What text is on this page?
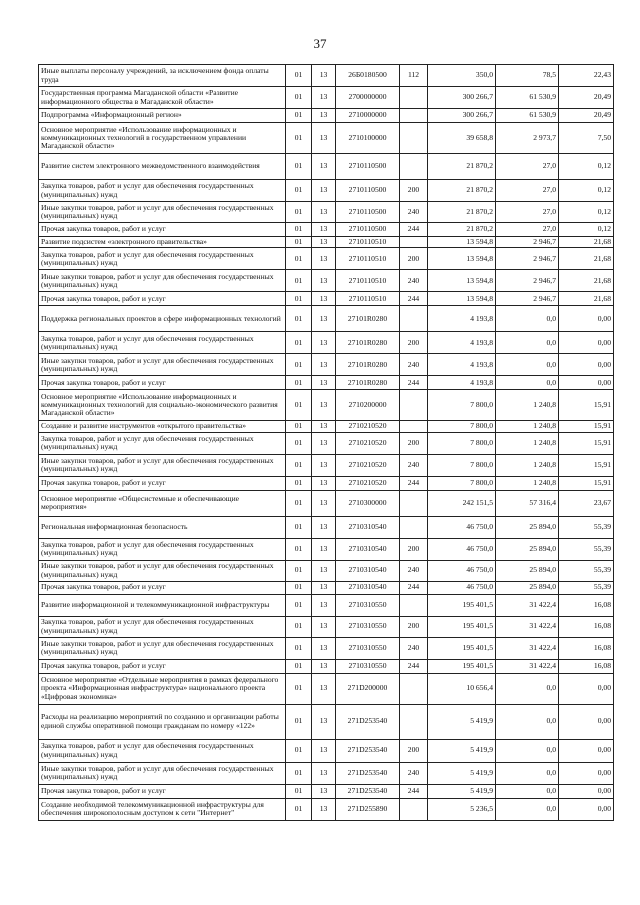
37
Иные выплаты персоналу учреждений, за исключением фонда оплаты труда	01	13	26Б0180500	112	350,0	78,5	22,43
Государственная программа Магаданской области «Развитие информационного общества в Магаданской области»	01	13	2700000000		300 266,7	61 530,9	20,49
Подпрограмма «Информационный регион»	01	13	2710000000		300 266,7	61 530,9	20,49
Основное мероприятие «Использование информационных и коммуникационных технологий в государственном управлении Магаданской области»	01	13	2710100000		39 658,8	2 973,7	7,50
Развитие систем электронного межведомственного взаимодействия	01	13	2710110500		21 870,2	27,0	0,12
Закупка товаров, работ и услуг для обеспечения государственных (муниципальных) нужд	01	13	2710110500	200	21 870,2	27,0	0,12
Иные закупки товаров, работ и услуг для обеспечения государственных (муниципальных) нужд	01	13	2710110500	240	21 870,2	27,0	0,12
Прочая закупка товаров, работ и услуг	01	13	2710110500	244	21 870,2	27,0	0,12
Развитие подсистем «электронного правительства»	01	13	2710110510		13 594,8	2 946,7	21,68
Закупка товаров, работ и услуг для обеспечения государственных (муниципальных) нужд	01	13	2710110510	200	13 594,8	2 946,7	21,68
Иные закупки товаров, работ и услуг для обеспечения государственных (муниципальных) нужд	01	13	2710110510	240	13 594,8	2 946,7	21,68
Прочая закупка товаров, работ и услуг	01	13	2710110510	244	13 594,8	2 946,7	21,68
Поддержка региональных проектов в сфере информационных технологий	01	13	27101R0280		4 193,8	0,0	0,00
Закупка товаров, работ и услуг для обеспечения государственных (муниципальных) нужд	01	13	27101R0280	200	4 193,8	0,0	0,00
Иные закупки товаров, работ и услуг для обеспечения государственных (муниципальных) нужд	01	13	27101R0280	240	4 193,8	0,0	0,00
Прочая закупка товаров, работ и услуг	01	13	27101R0280	244	4 193,8	0,0	0,00
Основное мероприятие «Использование информационных и коммуникационных технологий для социально-экономического развития Магаданской области»	01	13	2710200000		7 800,0	1 240,8	15,91
Создание и развитие инструментов «открытого правительства»	01	13	2710210520		7 800,0	1 240,8	15,91
Закупка товаров, работ и услуг для обеспечения государственных (муниципальных) нужд	01	13	2710210520	200	7 800,0	1 240,8	15,91
Иные закупки товаров, работ и услуг для обеспечения государственных (муниципальных) нужд	01	13	2710210520	240	7 800,0	1 240,8	15,91
Прочая закупка товаров, работ и услуг	01	13	2710210520	244	7 800,0	1 240,8	15,91
Основное мероприятие «Общесистемные и обеспечивающие мероприятия»	01	13	2710300000		242 151,5	57 316,4	23,67
Региональная информационная безопасность	01	13	2710310540		46 750,0	25 894,0	55,39
Закупка товаров, работ и услуг для обеспечения государственных (муниципальных) нужд	01	13	2710310540	200	46 750,0	25 894,0	55,39
Иные закупки товаров, работ и услуг для обеспечения государственных (муниципальных) нужд	01	13	2710310540	240	46 750,0	25 894,0	55,39
Прочая закупка товаров, работ и услуг	01	13	2710310540	244	46 750,0	25 894,0	55,39
Развитие информационной и телекоммуникационной инфраструктуры	01	13	2710310550		195 401,5	31 422,4	16,08
Закупка товаров, работ и услуг для обеспечения государственных (муниципальных) нужд	01	13	2710310550	200	195 401,5	31 422,4	16,08
Иные закупки товаров, работ и услуг для обеспечения государственных (муниципальных) нужд	01	13	2710310550	240	195 401,5	31 422,4	16,08
Прочая закупка товаров, работ и услуг	01	13	2710310550	244	195 401,5	31 422,4	16,08
Основное мероприятие «Отдельные мероприятия в рамках федерального проекта «Информационная инфраструктура» национального проекта «Цифровая экономика»	01	13	271D200000		10 656,4	0,0	0,00
Расходы на реализацию мероприятий по созданию и организации работы единой службы оперативной помощи гражданам по номеру «122»	01	13	271D253540		5 419,9	0,0	0,00
Закупка товаров, работ и услуг для обеспечения государственных (муниципальных) нужд	01	13	271D253540	200	5 419,9	0,0	0,00
Иные закупки товаров, работ и услуг для обеспечения государственных (муниципальных) нужд	01	13	271D253540	240	5 419,9	0,0	0,00
Прочая закупка товаров, работ и услуг	01	13	271D253540	244	5 419,9	0,0	0,00
Создание необходимой телекоммуникационной инфраструктуры для обеспечения широкополосным доступом к сети "Интернет"	01	13	271D255890		5 236,5	0,0	0,00
